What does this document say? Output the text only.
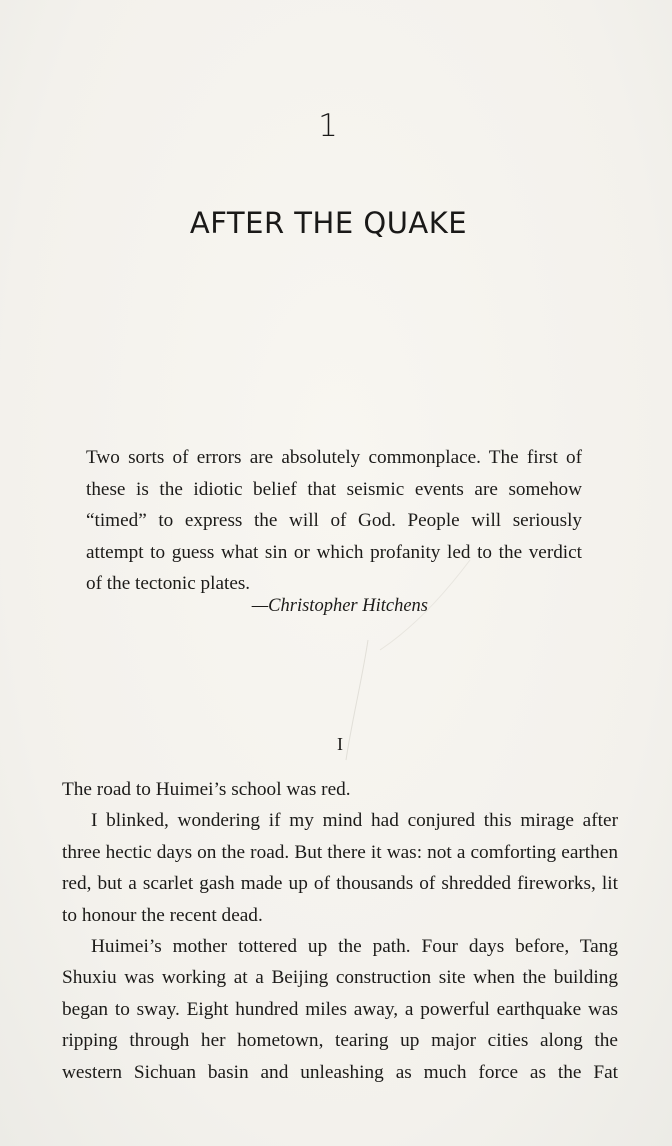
1
AFTER THE QUAKE

Two sorts of errors are absolutely commonplace. The first of these is the idiotic belief that seismic events are somehow “timed” to express the will of God. People will seriously attempt to guess what sin or which profanity led to the verdict of the tectonic plates.

—Christopher Hitchens
I

The road to Huimei’s school was red.

I blinked, wondering if my mind had conjured this mirage after three hectic days on the road. But there it was: not a comforting earthen red, but a scarlet gash made up of thousands of shredded fireworks, lit to honour the recent dead.

Huimei’s mother tottered up the path. Four days before, Tang Shuxiu was working at a Beijing construction site when the building began to sway. Eight hundred miles away, a powerful earthquake was ripping through her hometown, tearing up major cities along the western Sichuan basin and unleashing as much force as the Fat
